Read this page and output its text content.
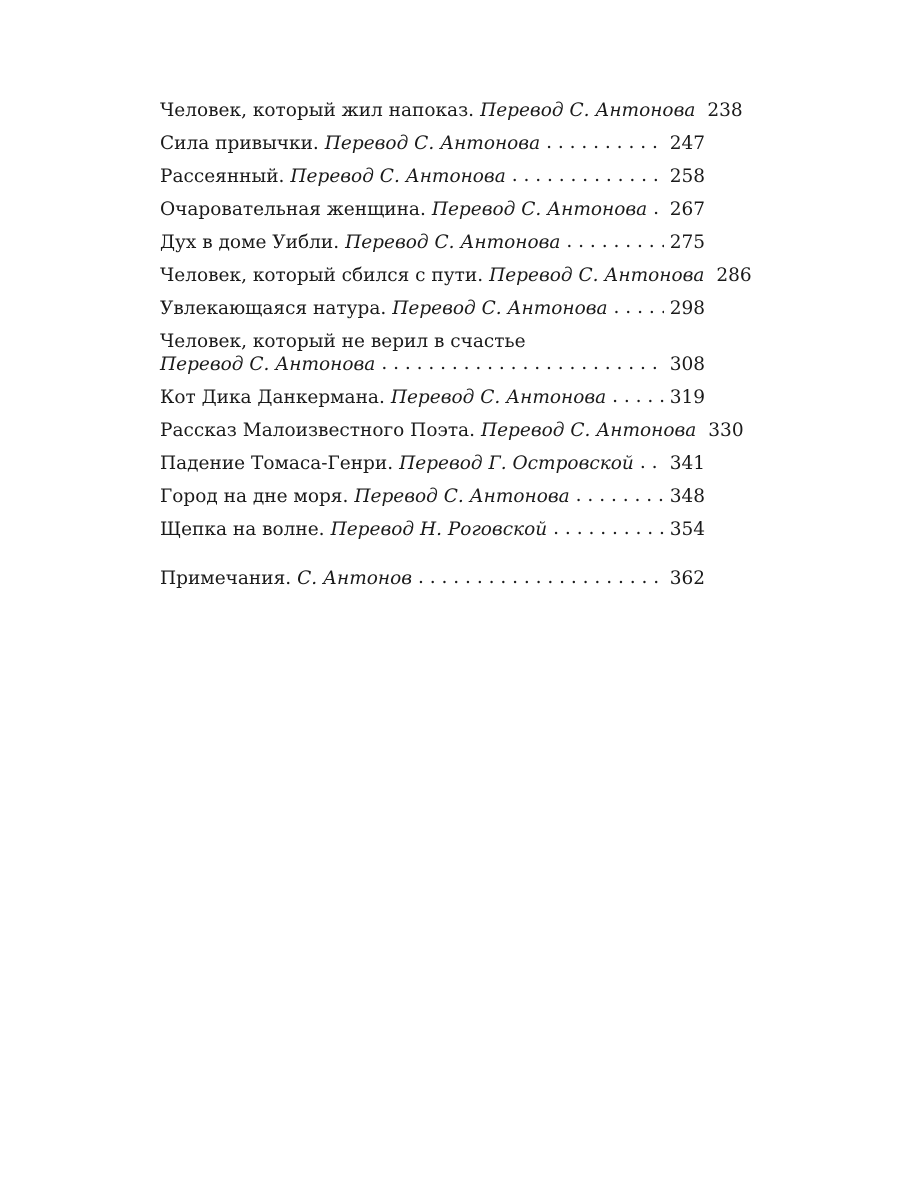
Человек, который жил напоказ. Перевод С. Антонова 238
Сила привычки. Перевод С. Антонова . . .	247
Рассеянный. Перевод С. Антонова . . .	258
Очаровательная женщина. Перевод С. Антонова . . . 267
Дух в доме Уибли. Перевод С. Антонова . . .	275
Человек, который сбился с пути. Перевод С. Антонова 286
Увлекающаяся натура. Перевод С. Антонова . . .	298
Человек, который не верил в счастье
Перевод С. Антонова . . .	308
Кот Дика Данкермана. Перевод С. Антонова . . .	319
Рассказ Малоизвестного Поэта. Перевод С. Антонова 330
Падение Томаса-Генри. Перевод Г. Островской . . . 341
Город на дне моря. Перевод С. Антонова . . .	348
Щепка на волне. Перевод Н. Роговской . . .	354
Примечания. С. Антонов . . .	362
